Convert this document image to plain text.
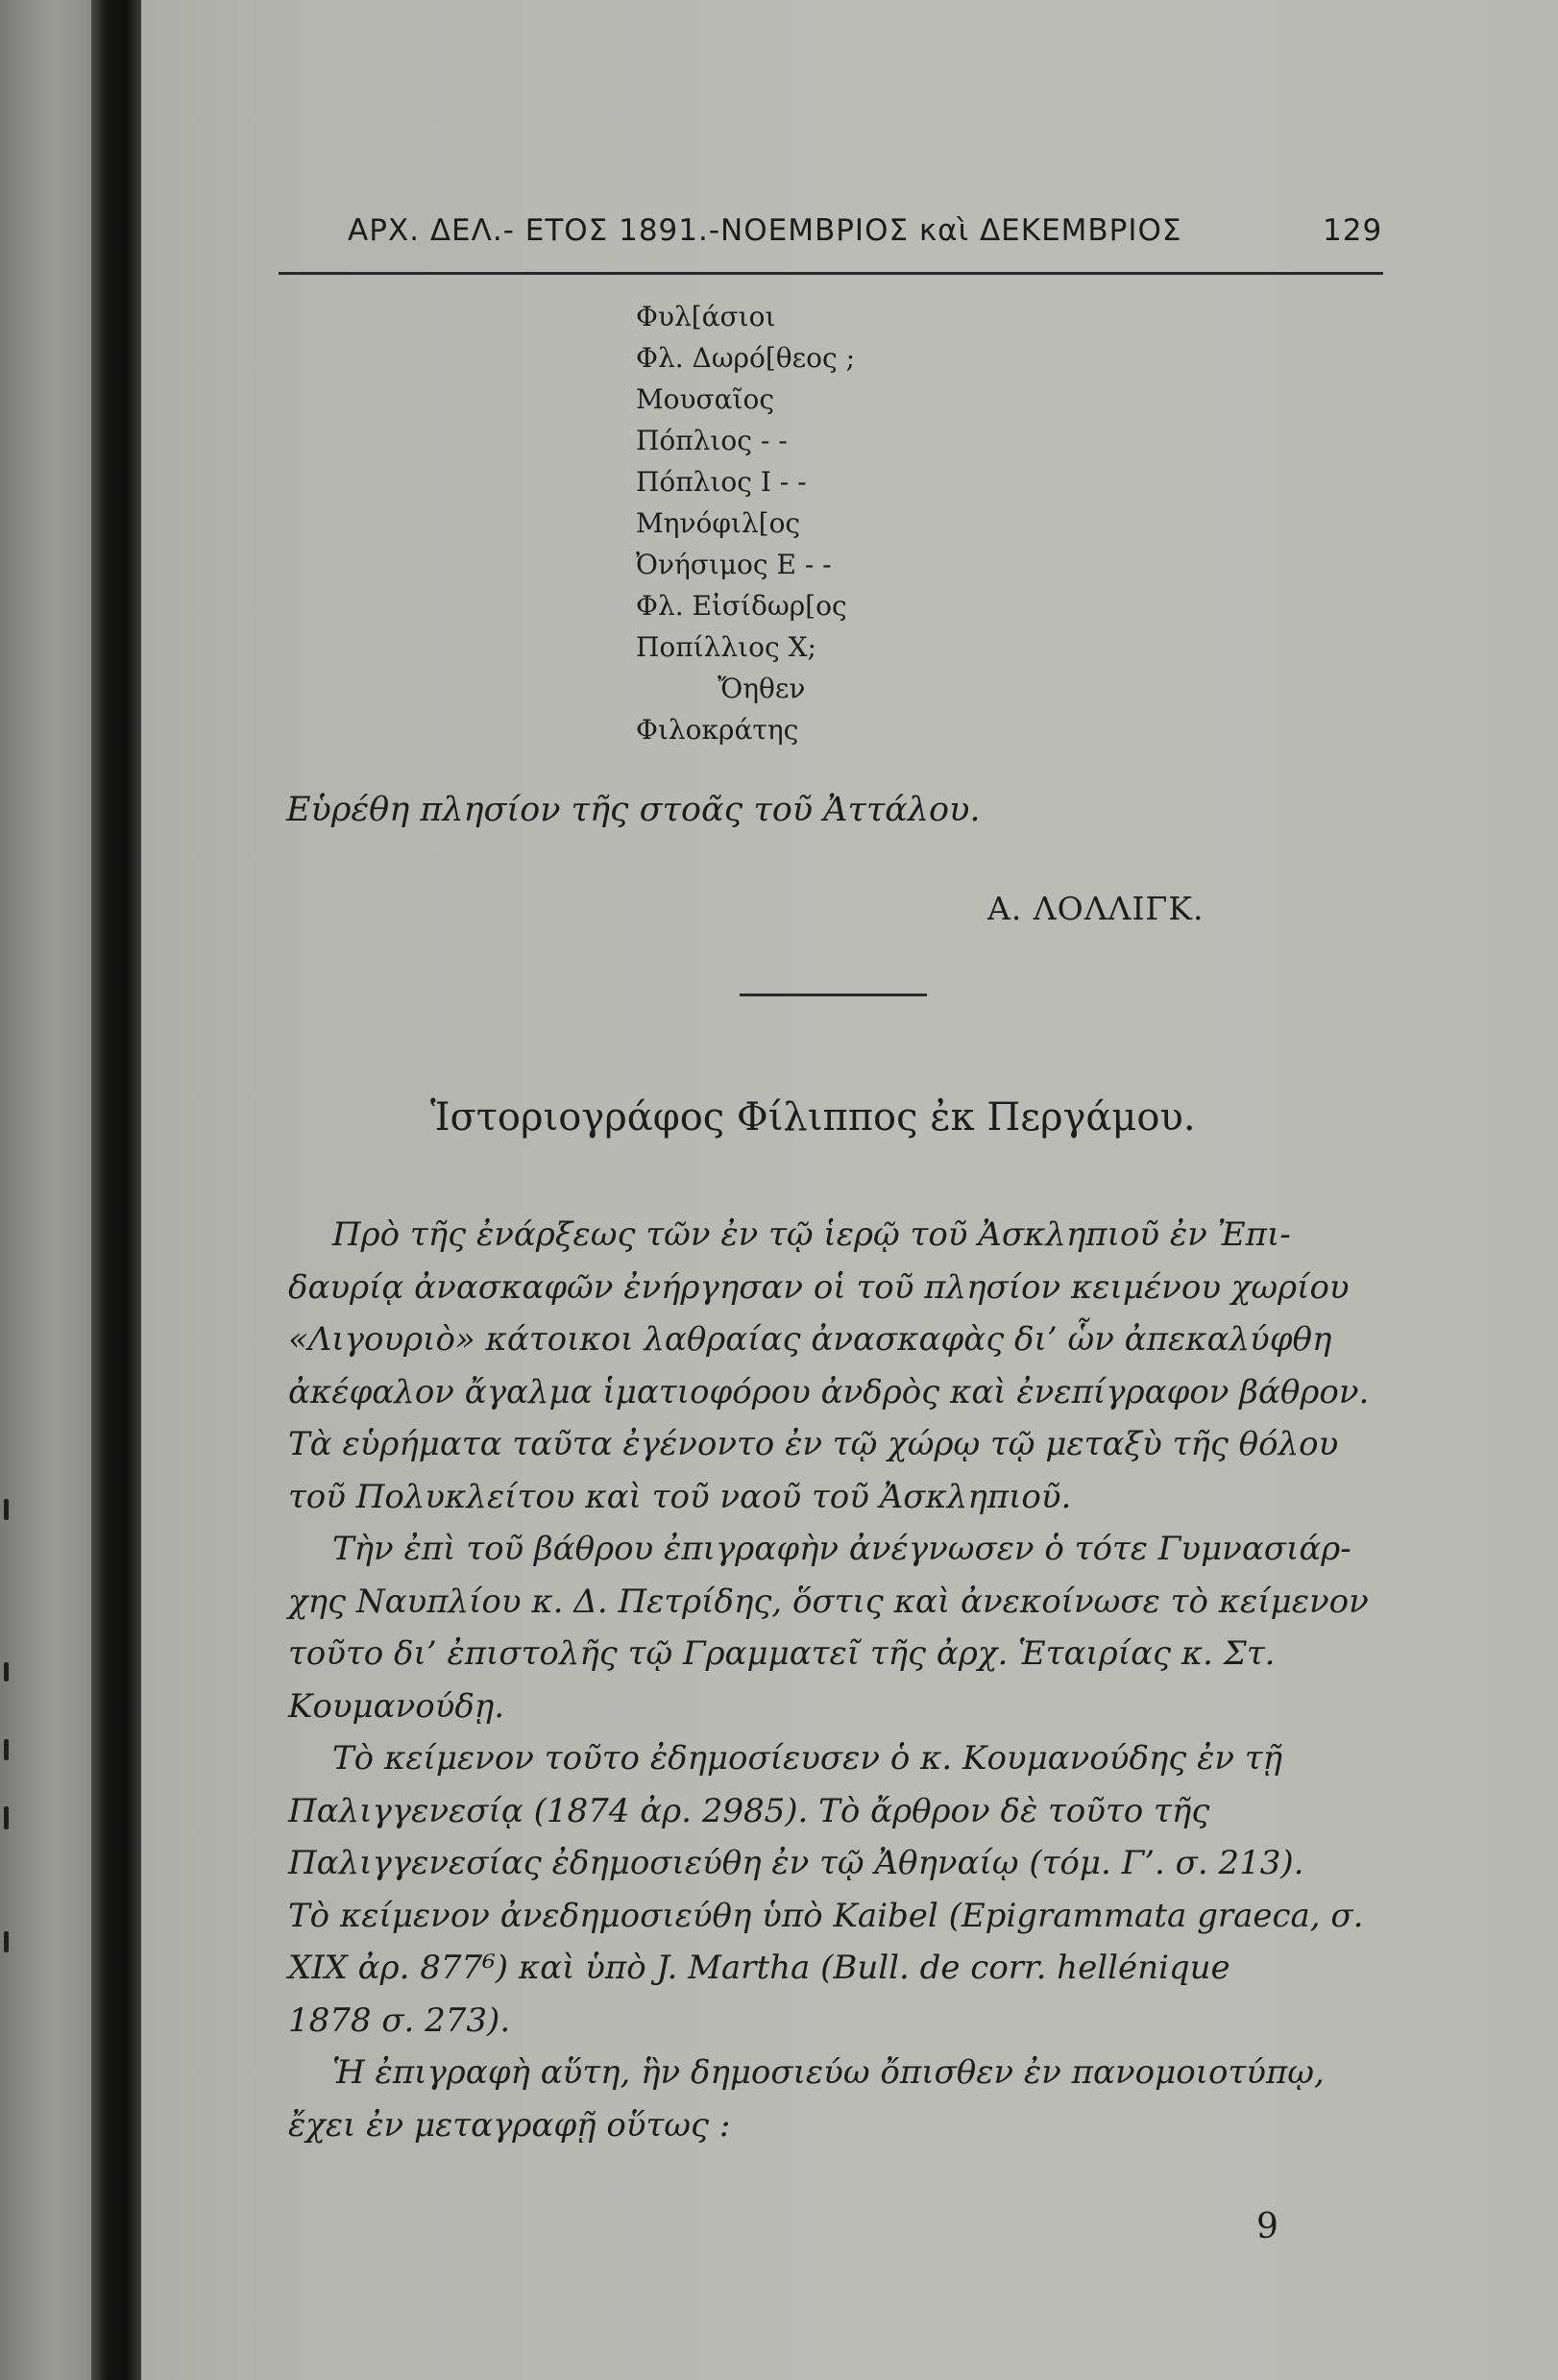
ΑΡΧ. ΔΕΛ.- ΕΤΟΣ 1891.-ΝΟΕΜΒΡΙΟΣ καὶ ΔΕΚΕΜΒΡΙΟΣ	129
Φυλ[άσιοι
Φλ. Δωρό[θεος ;
Μουσαῖος
Πόπλιος - -
Πόπλιος Ι - -
Μηνόφιλ[ος
Ὀνήσιμος Ε - -
Φλ. Εἰσίδωρ[ος
Ποπίλλιος Χ;
Ὄηθεν
Φιλοκράτης
Εὑρέθη πλησίον τῆς στοᾶς τοῦ Ἀττάλου.
Α. ΛΟΛΛΙΓΚ.
Ἱστοριογράφος Φίλιππος ἐκ Περγάμου.
Πρὸ τῆς ἐνάρξεως τῶν ἐν τῷ ἱερῷ τοῦ Ἀσκληπιοῦ ἐν Ἐπι-
δαυρίᾳ ἀνασκαφῶν ἐνήργησαν οἱ τοῦ πλησίον κειμένου χωρίου
«Λιγουριὸ» κάτοικοι λαθραίας ἀνασκαφὰς δι’ ὧν ἀπεκαλύφθη
ἀκέφαλον ἄγαλμα ἱματιοφόρου ἀνδρὸς καὶ ἐνεπίγραφον βάθρον.
Τὰ εὑρήματα ταῦτα ἐγένοντο ἐν τῷ χώρῳ τῷ μεταξὺ τῆς θόλου
τοῦ Πολυκλείτου καὶ τοῦ ναοῦ τοῦ Ἀσκληπιοῦ.
Τὴν ἐπὶ τοῦ βάθρου ἐπιγραφὴν ἀνέγνωσεν ὁ τότε Γυμνασιάρ-
χης Ναυπλίου κ. Δ. Πετρίδης, ὅστις καὶ ἀνεκοίνωσε τὸ κείμενον
τοῦτο δι’ ἐπιστολῆς τῷ Γραμματεῖ τῆς ἀρχ. Ἑταιρίας κ. Στ.
Κουμανούδῃ.
Τὸ κείμενον τοῦτο ἐδημοσίευσεν ὁ κ. Κουμανούδης ἐν τῇ
Παλιγγενεσίᾳ (1874 ἀρ. 2985). Τὸ ἄρθρον δὲ τοῦτο τῆς
Παλιγγενεσίας ἐδημοσιεύθη ἐν τῷ Ἀθηναίῳ (τόμ. Γ’. σ. 213).
Τὸ κείμενον ἀνεδημοσιεύθη ὑπὸ Kaibel (Epigrammata graeca, σ.
XIX ἀρ. 877⁶) καὶ ὑπὸ J. Martha (Bull. de corr. hellénique
1878 σ. 273).
Ἡ ἐπιγραφὴ αὕτη, ἣν δημοσιεύω ὄπισθεν ἐν πανομοιοτύπῳ,
ἔχει ἐν μεταγραφῇ οὕτως :
9
